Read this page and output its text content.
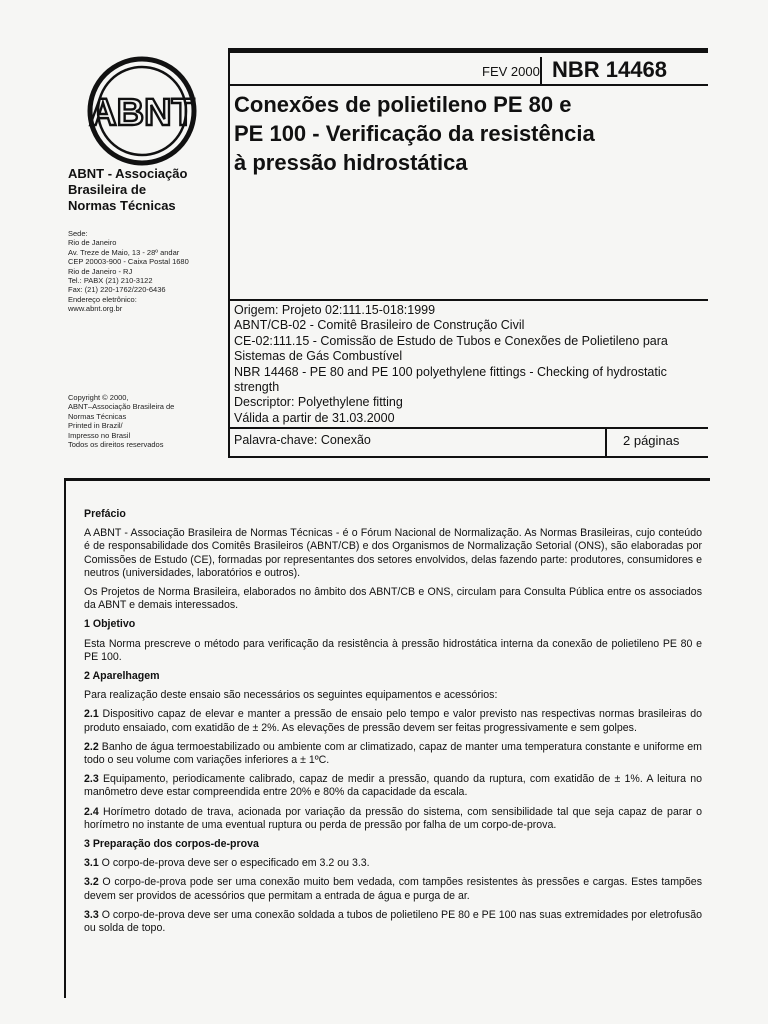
ABNT
ABNT - Associação
Brasileira de
Normas Técnicas
Sede:
Rio de Janeiro
Av. Treze de Maio, 13 - 28º andar
CEP 20003-900 - Caixa Postal 1680
Rio de Janeiro - RJ
Tel.: PABX (21) 210-3122
Fax: (21) 220-1762/220-6436
Endereço eletrônico:
www.abnt.org.br
Copyright © 2000,
ABNT–Associação Brasileira de
Normas Técnicas
Printed in Brazil/
Impresso no Brasil
Todos os direitos reservados
FEV 2000 NBR 14468
Conexões de polietileno PE 80 e
PE 100 - Verificação da resistência
à pressão hidrostática
Origem: Projeto 02:111.15-018:1999
ABNT/CB-02 - Comitê Brasileiro de Construção Civil
CE-02:111.15 - Comissão de Estudo de Tubos e Conexões de Polietileno para
Sistemas de Gás Combustível
NBR 14468 - PE 80 and PE 100 polyethylene fittings - Checking of hydrostatic
strength
Descriptor: Polyethylene fitting
Válida a partir de 31.03.2000
Palavra-chave: Conexão	2 páginas
Prefácio

A ABNT - Associação Brasileira de Normas Técnicas - é o Fórum Nacional de Normalização. As Normas Brasileiras, cujo conteúdo é de responsabilidade dos Comitês Brasileiros (ABNT/CB) e dos Organismos de Normalização Setorial (ONS), são elaboradas por Comissões de Estudo (CE), formadas por representantes dos setores envolvidos, delas fazendo parte: produtores, consumidores e neutros (universidades, laboratórios e outros).

Os Projetos de Norma Brasileira, elaborados no âmbito dos ABNT/CB e ONS, circulam para Consulta Pública entre os associados da ABNT e demais interessados.

1 Objetivo

Esta Norma prescreve o método para verificação da resistência à pressão hidrostática interna da conexão de polietileno PE 80 e PE 100.

2 Aparelhagem

Para realização deste ensaio são necessários os seguintes equipamentos e acessórios:

2.1 Dispositivo capaz de elevar e manter a pressão de ensaio pelo tempo e valor previsto nas respectivas normas brasileiras do produto ensaiado, com exatidão de ± 2%. As elevações de pressão devem ser feitas progressivamente e sem golpes.

2.2 Banho de água termoestabilizado ou ambiente com ar climatizado, capaz de manter uma temperatura constante e uniforme em todo o seu volume com variações inferiores a ± 1ºC.

2.3 Equipamento, periodicamente calibrado, capaz de medir a pressão, quando da ruptura, com exatidão de ± 1%. A leitura no manômetro deve estar compreendida entre 20% e 80% da capacidade da escala.

2.4 Horímetro dotado de trava, acionada por variação da pressão do sistema, com sensibilidade tal que seja capaz de parar o horímetro no instante de uma eventual ruptura ou perda de pressão por falha de um corpo-de-prova.

3 Preparação dos corpos-de-prova

3.1 O corpo-de-prova deve ser o especificado em 3.2 ou 3.3.

3.2 O corpo-de-prova pode ser uma conexão muito bem vedada, com tampões resistentes às pressões e cargas. Estes tampões devem ser providos de acessórios que permitam a entrada de água e purga de ar.

3.3 O corpo-de-prova deve ser uma conexão soldada a tubos de polietileno PE 80 e PE 100 nas suas extremidades por eletrofusão ou solda de topo.
